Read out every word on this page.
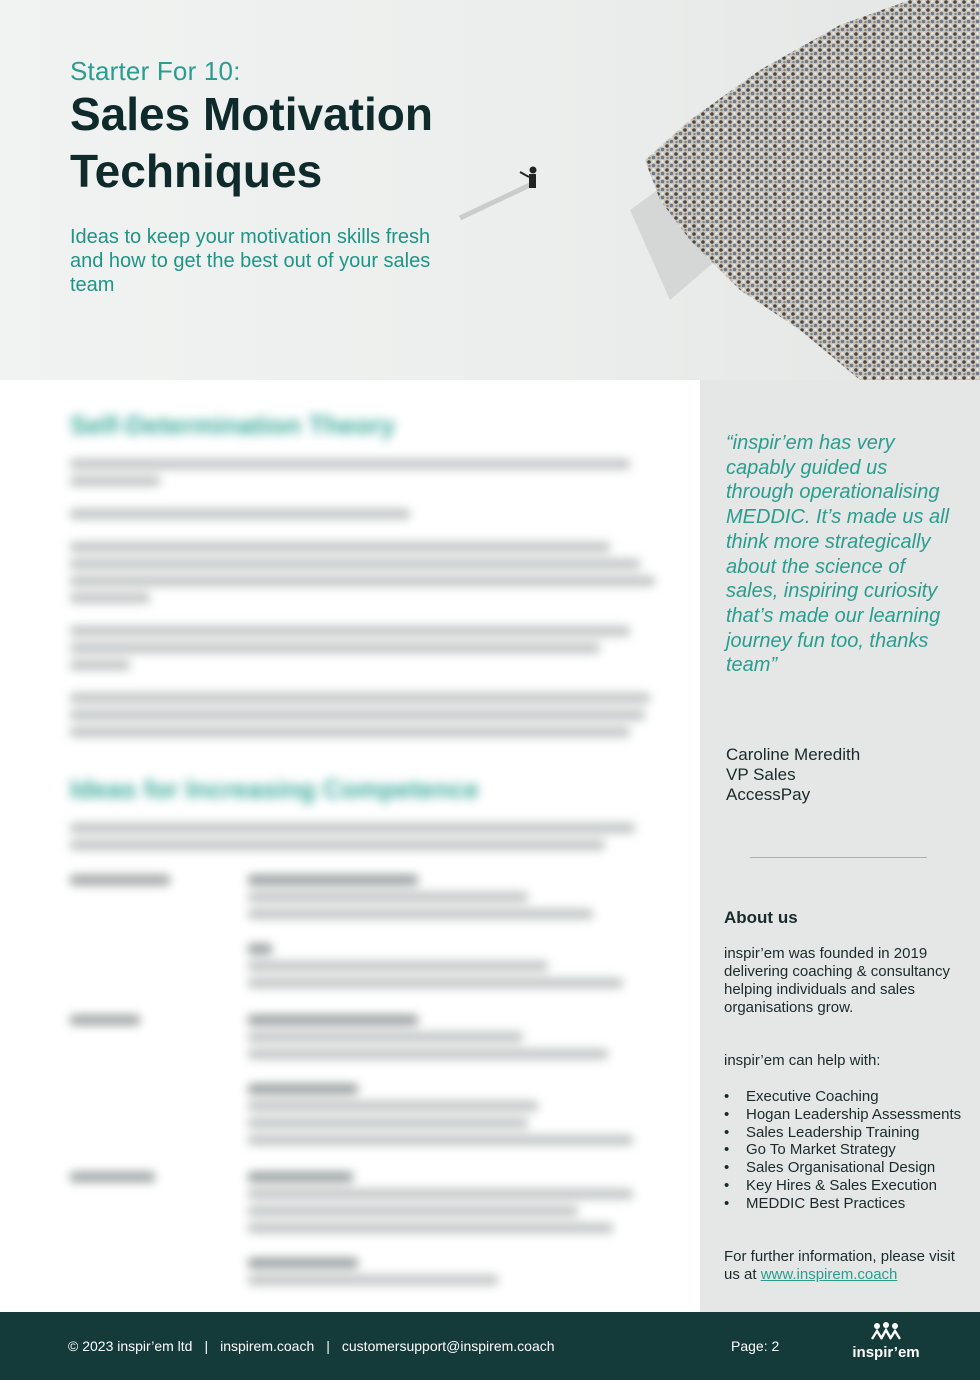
Starter For 10:
Sales Motivation Techniques
Ideas to keep your motivation skills fresh and how to get the best out of your sales team
Self-Determination Theory
Ideas for Increasing Competence
“inspir’em has very capably guided us through operationalising MEDDIC. It’s made us all think more strategically about the science of sales, inspiring curiosity that’s made our learning journey fun too, thanks team”
Caroline Meredith
VP Sales
AccessPay
About us
inspir’em was founded in 2019 delivering coaching & consultancy helping individuals and sales organisations grow.
inspir’em can help with:
• Executive Coaching
• Hogan Leadership Assessments
• Sales Leadership Training
• Go To Market Strategy
• Sales Organisational Design
• Key Hires & Sales Execution
• MEDDIC Best Practices
For further information, please visit us at www.inspirem.coach
© 2023 inspir’em ltd | inspirem.coach | customersupport@inspirem.coach	Page: 2	inspir’em
